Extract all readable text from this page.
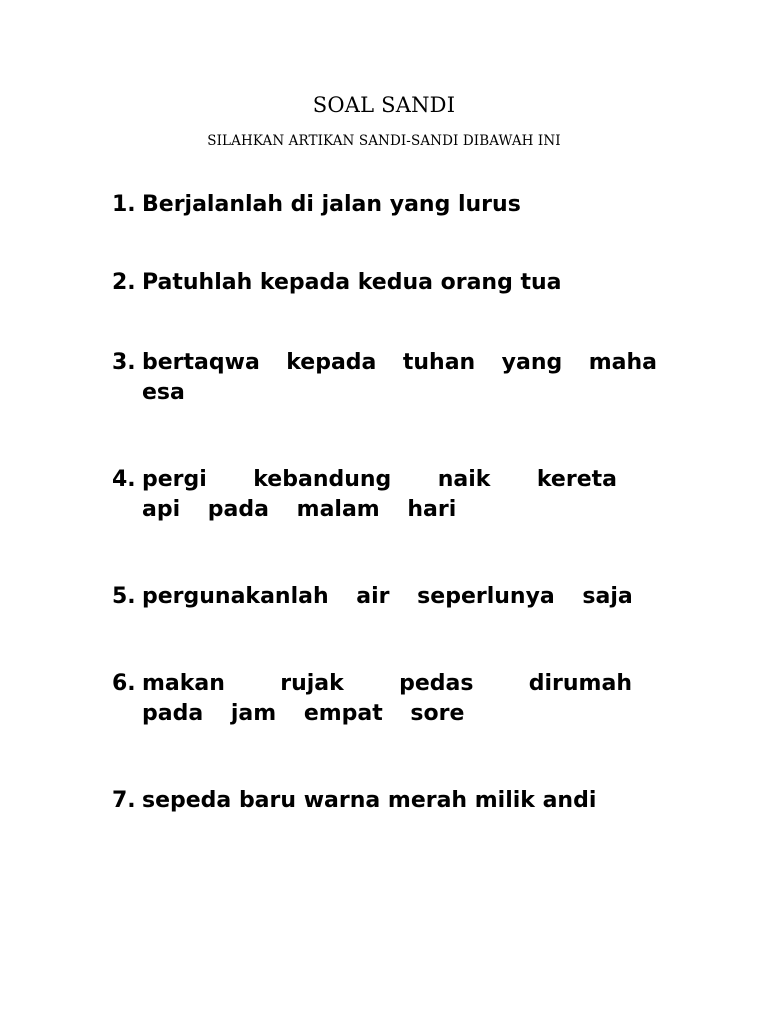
SOAL SANDI
SILAHKAN ARTIKAN SANDI-SANDI DIBAWAH INI
1. Berjalanlah di jalan yang lurus
2. Patuhlah kepada kedua orang tua
3. bertaqwa kepada tuhan yang maha esa
4. pergi kebandung naik kereta api pada malam hari
5. pergunakanlah air seperlunya saja
6. makan rujak pedas dirumah pada jam empat sore
7. sepeda baru warna merah milik andi
